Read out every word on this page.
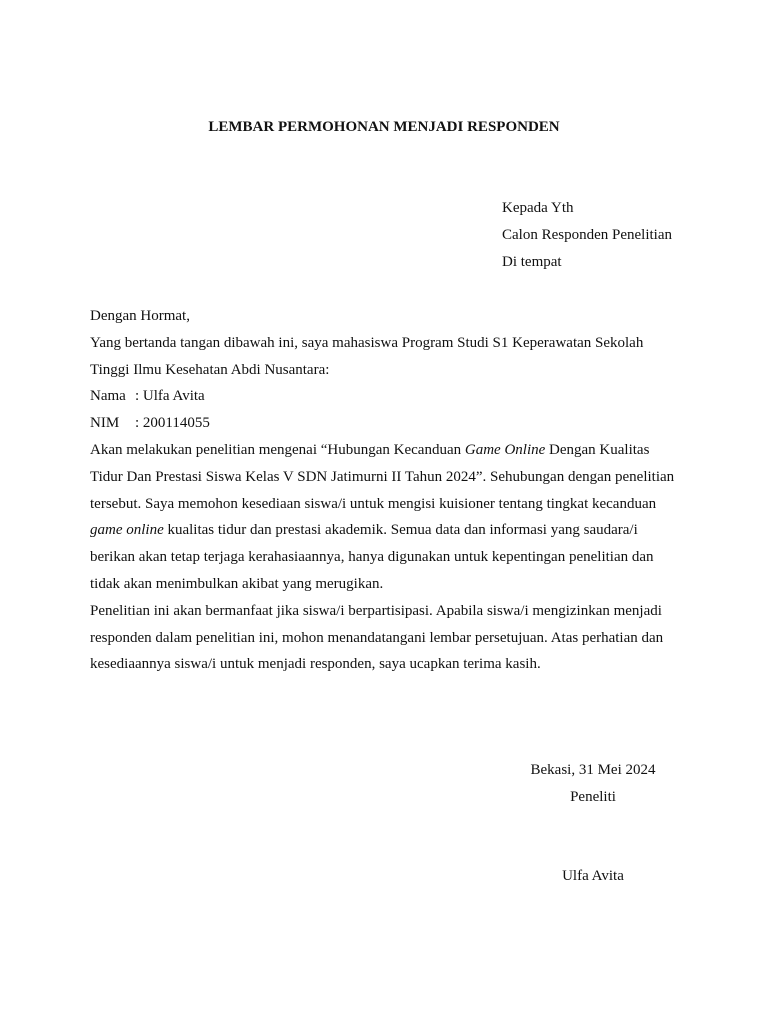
LEMBAR PERMOHONAN MENJADI RESPONDEN
Kepada Yth
Calon Responden Penelitian
Di tempat

Dengan Hormat,

Yang bertanda tangan dibawah ini, saya mahasiswa Program Studi S1 Keperawatan Sekolah Tinggi Ilmu Kesehatan Abdi Nusantara:

Nama : Ulfa Avita

NIM	: 200114055

Akan melakukan penelitian mengenai “Hubungan Kecanduan Game Online Dengan Kualitas Tidur Dan Prestasi Siswa Kelas V SDN Jatimurni II Tahun 2024”. Sehubungan dengan penelitian tersebut. Saya memohon kesediaan siswa/i untuk mengisi kuisioner tentang tingkat kecanduan game online kualitas tidur dan prestasi akademik. Semua data dan informasi yang saudara/i berikan akan tetap terjaga kerahasiaannya, hanya digunakan untuk kepentingan penelitian dan tidak akan menimbulkan akibat yang merugikan.

Penelitian ini akan bermanfaat jika siswa/i berpartisipasi. Apabila siswa/i mengizinkan menjadi responden dalam penelitian ini, mohon menandatangani lembar persetujuan. Atas perhatian dan kesediaannya siswa/i untuk menjadi responden, saya ucapkan terima kasih.

Bekasi, 31 Mei 2024
Peneliti
Ulfa Avita
